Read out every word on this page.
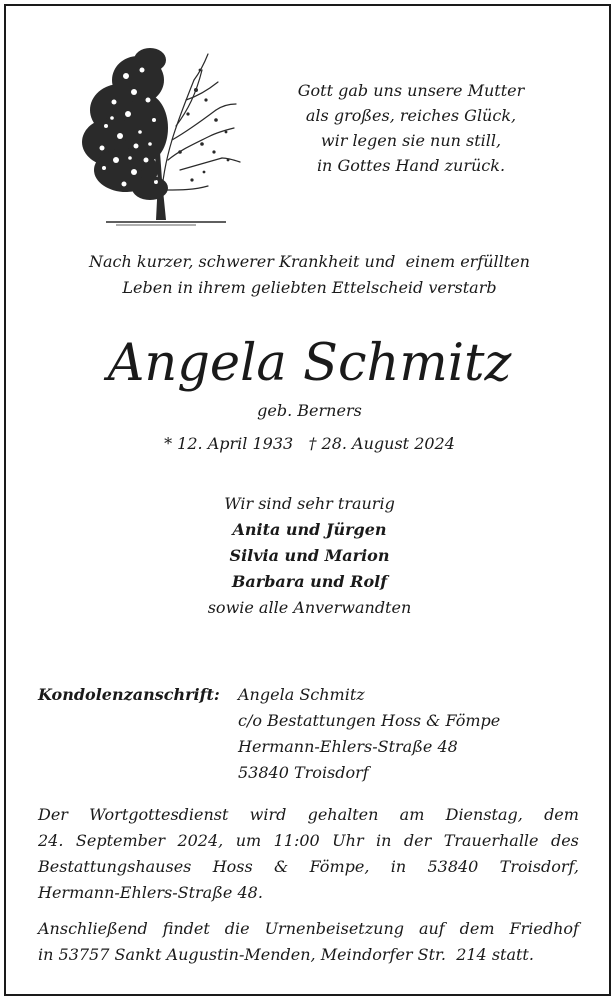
Gott gab uns unsere Mutter
als großes, reiches Glück,
wir legen sie nun still,
in Gottes Hand zurück.
Nach kurzer, schwerer Krankheit und  einem erfüllten
Leben in ihrem geliebten Ettelscheid verstarb
Angela Schmitz
geb. Berners
* 12. April 1933   † 28. August 2024
Wir sind sehr traurig
Anita und Jürgen
Silvia und Marion
Barbara und Rolf
sowie alle Anverwandten
Kondolenzanschrift:	Angela Schmitz
c/o Bestattungen Hoss & Fömpe
Hermann-Ehlers-Straße 48
53840 Troisdorf
Der Wortgottesdienst wird gehalten am Dienstag, dem
24. September 2024, um 11:00 Uhr in der Trauerhalle des
Bestattungshauses Hoss & Fömpe, in 53840 Troisdorf,
Hermann-Ehlers-Straße 48.
Anschließend findet die Urnenbeisetzung auf dem Friedhof
in 53757 Sankt Augustin-Menden, Meindorfer Str.  214 statt.
